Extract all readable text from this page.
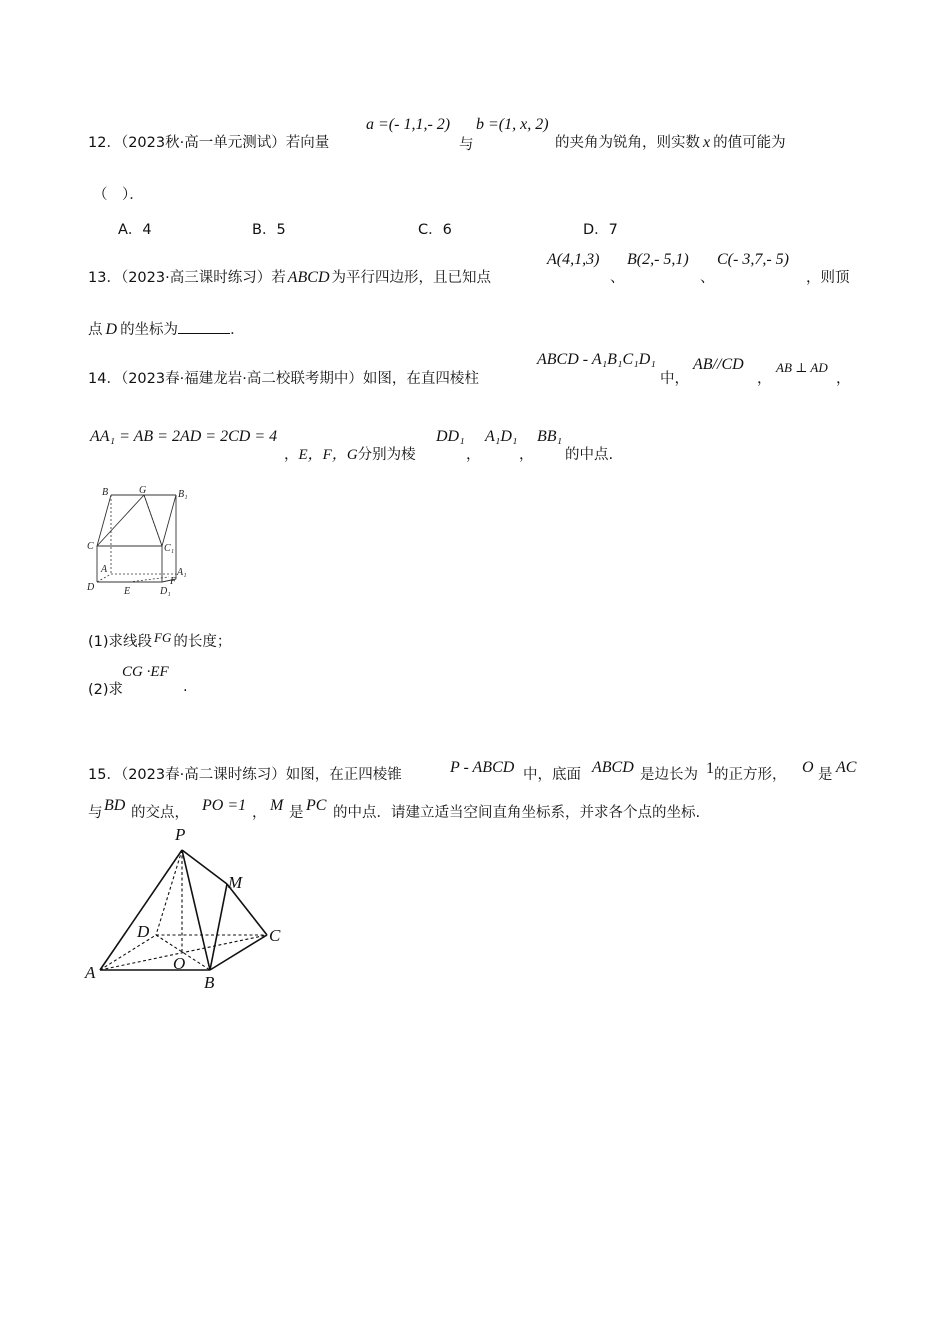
12．（2023秋·高一单元测试）若向量
a =(- 1,1,- 2)
与
b =(1, x, 2)
的夹角为锐角，则实数 x 的值可能为
（　）．
A．4	B．5	C．6	D．7
13．（2023·高三课时练习）若 ABCD 为平行四边形，且已知点
A(4,1,3)
、
B(2,- 5,1)
、
C(- 3,7,- 5)
，则顶
点 D 的坐标为	．
14．（2023春·福建龙岩·高二校联考期中）如图，在直四棱柱
ABCD - A₁B₁C₁D₁
中，
AB//CD
，
AB ⊥ AD
，
AA₁ = AB = 2AD = 2CD = 4
，E，F，G分别为棱
DD₁
，
A₁D₁
，
BB₁
的中点.
B	G	B₁
C	C₁
A	A₁
F
D	E	D₁
(1)求线段 FG 的长度；
(2)求
CG ·EF
.
15．（2023春·高二课时练习）如图，在正四棱锥	P - ABCD 中，底面 ABCD 是边长为 1 的正方形， O 是 AC
与 BD 的交点， PO =1 ， M 是 PC 的中点．请建立适当空间直角坐标系，并求各个点的坐标.
P
M
D	C
A	O
B
